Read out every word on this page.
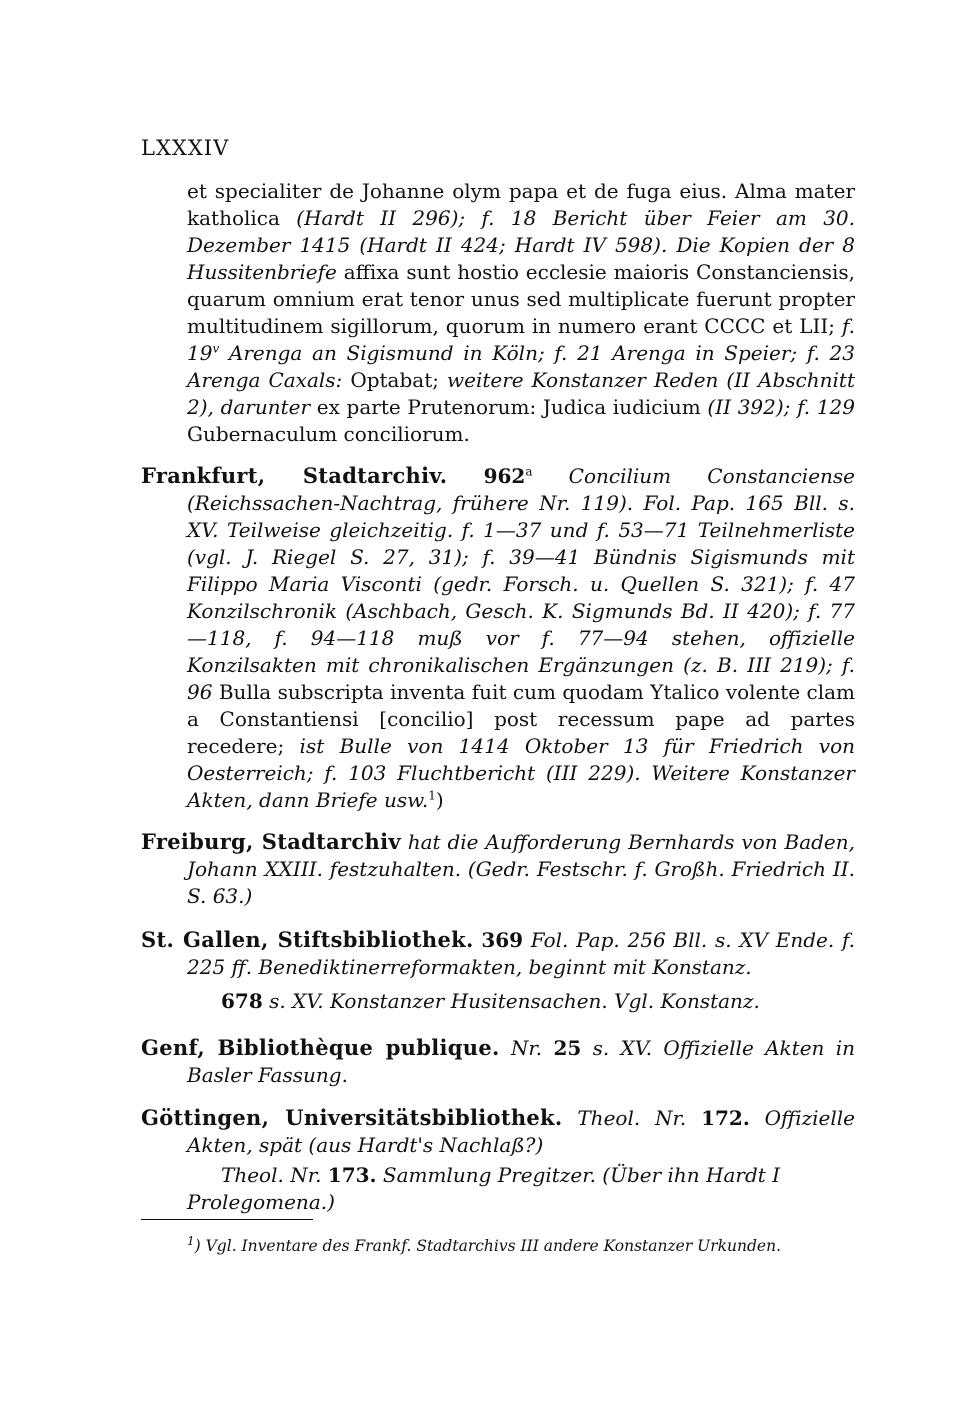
LXXXIV
et specialiter de Johanne olym papa et de fuga eius. Alma mater katholica (Hardt II 296); f. 18 Bericht über Feier am 30. Dezember 1415 (Hardt II 424; Hardt IV 598). Die Kopien der 8 Hussitenbriefe affixa sunt hostio ecclesie maioris Constanciensis, quarum omnium erat tenor unus sed multiplicate fuerunt propter multitudinem sigillorum, quorum in numero erant CCCC et LII; f. 19$^v$ Arenga an Sigismund in Köln; f. 21 Arenga in Speier; f. 23 Arenga Caxals: Optabat; weitere Konstanzer Reden (II Abschnitt 2), darunter ex parte Prutenorum: Judica iudicium (II 392); f. 129 Gubernaculum conciliorum.
Frankfurt, Stadtarchiv. 962$^a$ Concilium Constanciense (Reichssachen-Nachtrag, frühere Nr. 119). Fol. Pap. 165 Bll. s. XV. Teilweise gleichzeitig. f. 1—37 und f. 53—71 Teilnehmerliste (vgl. J. Riegel S. 27, 31); f. 39—41 Bündnis Sigismunds mit Filippo Maria Visconti (gedr. Forsch. u. Quellen S. 321); f. 47 Konzilschronik (Aschbach, Gesch. K. Sigmunds Bd. II 420); f. 77—118, f. 94—118 muß vor f. 77—94 stehen, offizielle Konzilsakten mit chronikalischen Ergänzungen (z. B. III 219); f. 96 Bulla subscripta inventa fuit cum quodam Ytalico volente clam a Constantiensi [concilio] post recessum pape ad partes recedere; ist Bulle von 1414 Oktober 13 für Friedrich von Oesterreich; f. 103 Fluchtbericht (III 229). Weitere Konstanzer Akten, dann Briefe usw.$^1$)
Freiburg, Stadtarchiv hat die Aufforderung Bernhards von Baden, Johann XXIII. festzuhalten. (Gedr. Festschr. f. Großh. Friedrich II. S. 63.)
St. Gallen, Stiftsbibliothek. 369 Fol. Pap. 256 Bll. s. XV Ende. f. 225 ff. Benediktinerreformakten, beginnt mit Konstanz.
678 s. XV. Konstanzer Husitensachen. Vgl. Konstanz.
Genf, Bibliothèque publique. Nr. 25 s. XV. Offizielle Akten in Basler Fassung.
Göttingen, Universitätsbibliothek. Theol. Nr. 172. Offizielle Akten, spät (aus Hardt's Nachlaß?)
Theol. Nr. 173. Sammlung Pregitzer. (Über ihn Hardt I Prolegomena.)
$^1$) Vgl. Inventare des Frankf. Stadtarchivs III andere Konstanzer Urkunden.
